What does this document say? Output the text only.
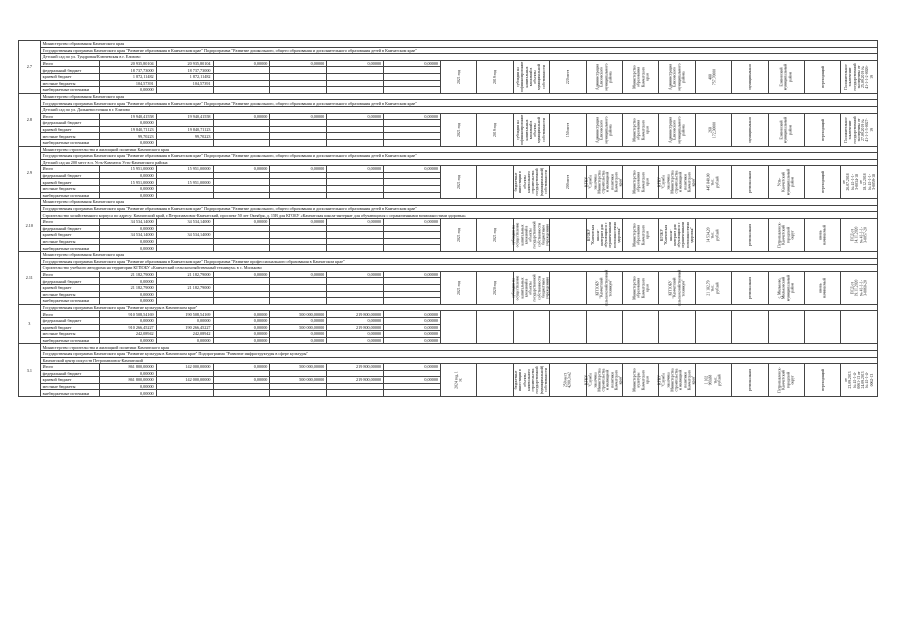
2.7	Министерство образования Камчатского края																		
	Государственная программа Камчатского края "Развитие образования в Камчатском крае" Подпрограмма "Развитие дошкольного, общего образования и дополнительного образования детей в Камчатском крае"																		
	Детский сад по ул. Тундровая/Ключевская в г. Елизово																		
	Итого	20 935,80104	20 935,80104	0,00000	0,00000	0,00000	0,00000	2021 год	2019 год	субсидии на софинансирование капитальных вложений в объекты муниципальной собственности	220 мест	Администрация Елизовского муниципального района	Министерство образования Камчатского края	Администрация Елизовского муниципального района	488 757,70000	муниципальная	Елизовский муниципальный район	переходящий	Положительное заключение государственной экспертизы от 25.09.2019 № 41-1-1-2-0026-19

	федеральный бюджет	18 737,73000	18 737,73000																
	краевой бюджет	1 872,11482	1 872,11482																
	местные бюджеты	104,57391	104,57391																
	внебюджетные источники	0,00000																	
2.8	Министерство образования Камчатского края																		
	Государственная программа Камчатского края "Развитие образования в Камчатском крае" Подпрограмма "Развитие дошкольного, общего образования и дополнительного образования детей в Камчатском крае"																		
	Детский сад по ул. Дальневосточная в г. Елизово																		
	Итого	19 940,41558	19 940,41558	0,00000	0,00000	0,00000	0,00000	2021 год	2019 год	субсидии на софинансирование капитальных вложений в объекты муниципальной собственности	150 мест	Администрация Елизовского муниципального района	Министерство образования Камчатского края	Администрация Елизовского муниципального района	268 172,30000	муниципальная	Елизовский муниципальный район	переходящий	Положительное заключение государственной экспертизы от 27.09.2019 № 41-1-1-3-0027-19

	федеральный бюджет	0,00000																	
	краевой бюджет	19 840,71123	19 840,71123																
	местные бюджеты	99,70223	99,70223																
	внебюджетные источники	0,00000																	
2.9	Министерство строительства и жилищной политики Камчатского края																		
	Государственная программа Камчатского края "Развитие образования в Камчатском крае" Подпрограмма "Развитие дошкольного, общего образования и дополнительного образования детей в Камчатском крае"																		
	Детский сад на 200 мест в п. Усть-Камчатск Усть-Камчатского района																		
	Итого	15 951,00000	15 951,00000	0,00000	0,00000	0,00000	0,00000	2021 год		бюджетные инвестиции в объекты капитального строительства государственной (муниципальной) собственности	200 мест	КГКУ "Служба заказчика Министерства строительства и жилищной политики Камчатского края"	Министерство образования Камчатского края	КГКУ "Служба заказчика Министерства строительства и жилищной политики Камчатского края"	445 840,00 тыс. рублей	региональная	Усть-Камчатский муниципальный район	переходящий	от 26.07.2018 № 41-1-1-3-0034-18 от 18.12.2018 № 41-1-1-3-0059-18

	федеральный бюджет	0,00000																	
	краевой бюджет	15 951,00000	15 951,00000																
	местные бюджеты	0,00000																	
	внебюджетные источники	0,00000																	
2.10	Министерство образования Камчатского края																		
	Государственная программа Камчатского края "Развитие образования в Камчатском крае" Подпрограмма "Развитие дошкольного, общего образования и дополнительного образования детей в Камчатском крае"																		
	Строительство хозяйственного корпуса по адресу: Камчатский край, г.Петропавловск-Камчатский, проспект 50 лет Октября, д. 15В для КГОБУ «Камчатская школа-интернат для обучающихся с ограниченными возможностями здоровья»																		
	Итого	34 534,14000	34 534,14000	0,00000	0,00000	0,00000	0,00000	2021 год	2021 год	субсидии на осуществление капитальных вложений в объекты государственной собственности бюджетным учреждениям		КГОБУ "Камчатская школа-интернат для обучающихся с ограниченными возможностями здоровья"	Министерство образования Камчатского края	КГОБУ "Камчатская школа-интернат для обучающихся с ограниченными возможностями здоровья"	14 534,20 тыс. рублей	региональная	Петропавловск-Камчатский городской округ	вновь начинаемый	ПСД от 14.11.2020 № 41-1-1-3-0057-20

	федеральный бюджет	0,00000																	
	краевой бюджет	34 534,14000	34 534,14000																
	местные бюджеты	0,00000																	
	внебюджетные источники	0,00000																	
2.11	Министерство образования Камчатского края																		
	Государственная программа Камчатского края "Развитие образования в Камчатском крае" Подпрограмма "Развитие профессионального образования в Камчатском крае"																		
	Строительство учебного автодрома на территории КГПОБУ «Камчатский сельскохозяйственный техникум» в с. Мильково																		
	Итого	21 182,79000	21 182,79000	0,00000	0,00000	0,00000	0,00000	2021 год	2020 год	субсидии на осуществление капитальных вложений в объекты государственной собственности бюджетным учреждениям		КГПОБУ "Камчатский сельскохозяйственный техникум"	Министерство образования Камчатского края	КГПОБУ "Камчатский сельскохозяйственный техникум"	21 182,79 тыс. рублей	региональная	с. Мильково, Мильковский муниципальный район	вновь начинаемый	ПСД от 19.11.2020 № 41-1-1-3-0060-20

	федеральный бюджет	0,00000																	
	краевой бюджет	21 182,79000	21 182,79000																
	местные бюджеты	0,00000																	
	внебюджетные источники	0,00000																	
3	Государственная программа Камчатского края "Развитие культуры в Камчатском крае"																		
	Итого	910 508,54169	190 508,54169	0,00000	500 000,00000	219 800,00000	0,00000	

	федеральный бюджет	0,00000	0,00000	0,00000	0,00000	0,00000	0,00000												
	краевой бюджет	910 266,45227	190 266,45227	0,00000	500 000,00000	219 800,00000	0,00000												
	местные бюджеты	242,08942	242,08942	0,00000	0,00000	0,00000	0,00000												
	внебюджетные источники	0,00000	0,00000	0,00000	0,00000	0,00000	0,00000												
3.1	Министерство строительства и жилищной политики Камчатского края																		
	Государственная программа Камчатского края "Развитие культуры в Камчатском крае" Подпрограмма "Развитие инфраструктуры в сфере культуры"																		
	Камчатский центр искусств Петропавловск-Камчатский																		
	Итого	861 800,00000	142 000,00000	0,00000	500 000,00000	219 800,00000	0,00000	2024 год, 1 эт.		бюджетные инвестиции в объекты капитального строительства государственной (муниципальной) собственности	250 мест 4200,3 м2	КГКУ "Служба заказчика Министерства строительства и жилищной политики Камчатского края"	Министерство культуры Камчатского края	КГКУ "Служба заказчика Министерства строительства и жилищной политики Камчатского края"	1 102 969,88 тыс. рублей	региональная	Петропавловск-Камчатский городской округ	переходящий	от 23.09.2013 № 41-1-4-0061-13 от 24.09.2013 № 41-1-4-0062-13

	федеральный бюджет	0,00000																	
	краевой бюджет	861 800,00000	142 000,00000	0,00000	500 000,00000	219 800,00000	0,00000												
	местные бюджеты	0,00000																	
	внебюджетные источники	0,00000																	
